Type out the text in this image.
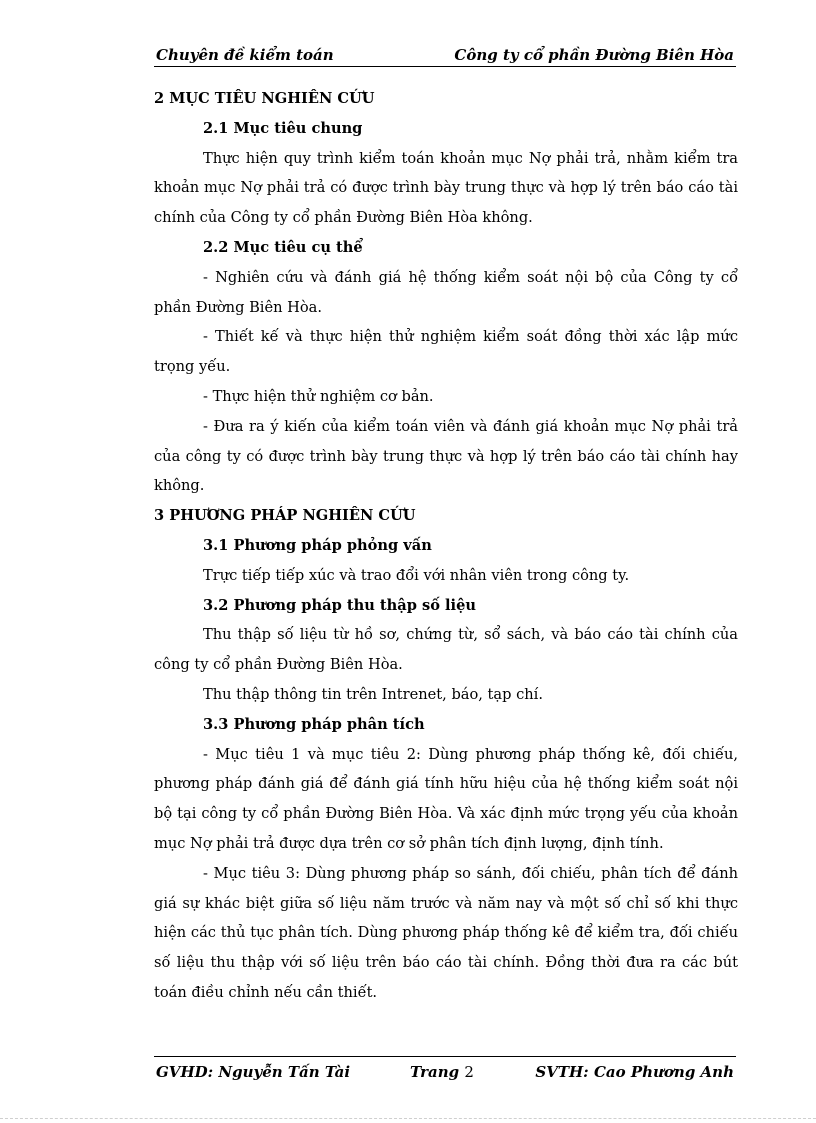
Chuyên đề kiểm toán	Công ty cổ phần Đường Biên Hòa

2 MỤC TIÊU NGHIÊN CỨU

2.1 Mục tiêu chung

Thực hiện quy trình kiểm toán khoản mục Nợ phải trả, nhằm kiểm tra khoản mục Nợ phải trả có được trình bày trung thực và hợp lý trên báo cáo tài chính của Công ty cổ phần Đường Biên Hòa không.

2.2 Mục tiêu cụ thể

- Nghiên cứu và đánh giá hệ thống kiểm soát nội bộ của Công ty cổ phần Đường Biên Hòa.

- Thiết kế và thực hiện thử nghiệm kiểm soát đồng thời xác lập mức trọng yếu.

- Thực hiện thử nghiệm cơ bản.

- Đưa ra ý kiến của kiểm toán viên và đánh giá khoản mục Nợ phải trả của công ty có được trình bày trung thực và hợp lý trên báo cáo tài chính hay không.

3 PHƯƠNG PHÁP NGHIÊN CỨU

3.1 Phương pháp phỏng vấn

Trực tiếp tiếp xúc và trao đổi với nhân viên trong công ty.

3.2 Phương pháp thu thập số liệu

Thu thập số liệu từ hồ sơ, chứng từ, sổ sách, và báo cáo tài chính của công ty cổ phần Đường Biên Hòa.

Thu thập thông tin trên Intrenet, báo, tạp chí.

3.3 Phương pháp phân tích

- Mục tiêu 1 và mục tiêu 2: Dùng phương pháp thống kê, đối chiếu, phương pháp đánh giá để đánh giá tính hữu hiệu của hệ thống kiểm soát nội bộ tại công ty cổ phần Đường Biên Hòa. Và xác định mức trọng yếu của khoản mục Nợ phải trả được dựa trên cơ sở phân tích định lượng, định tính.

- Mục tiêu 3: Dùng phương pháp so sánh, đối chiếu, phân tích để đánh giá sự khác biệt giữa số liệu năm trước và năm nay và một số chỉ số khi thực hiện các thủ tục phân tích. Dùng phương pháp thống kê để kiểm tra, đối chiếu số liệu thu thập với số liệu trên báo cáo tài chính. Đồng thời đưa ra các bút toán điều chỉnh nếu cần thiết.

GVHD: Nguyễn Tấn Tài	Trang 2	SVTH: Cao Phương Anh
